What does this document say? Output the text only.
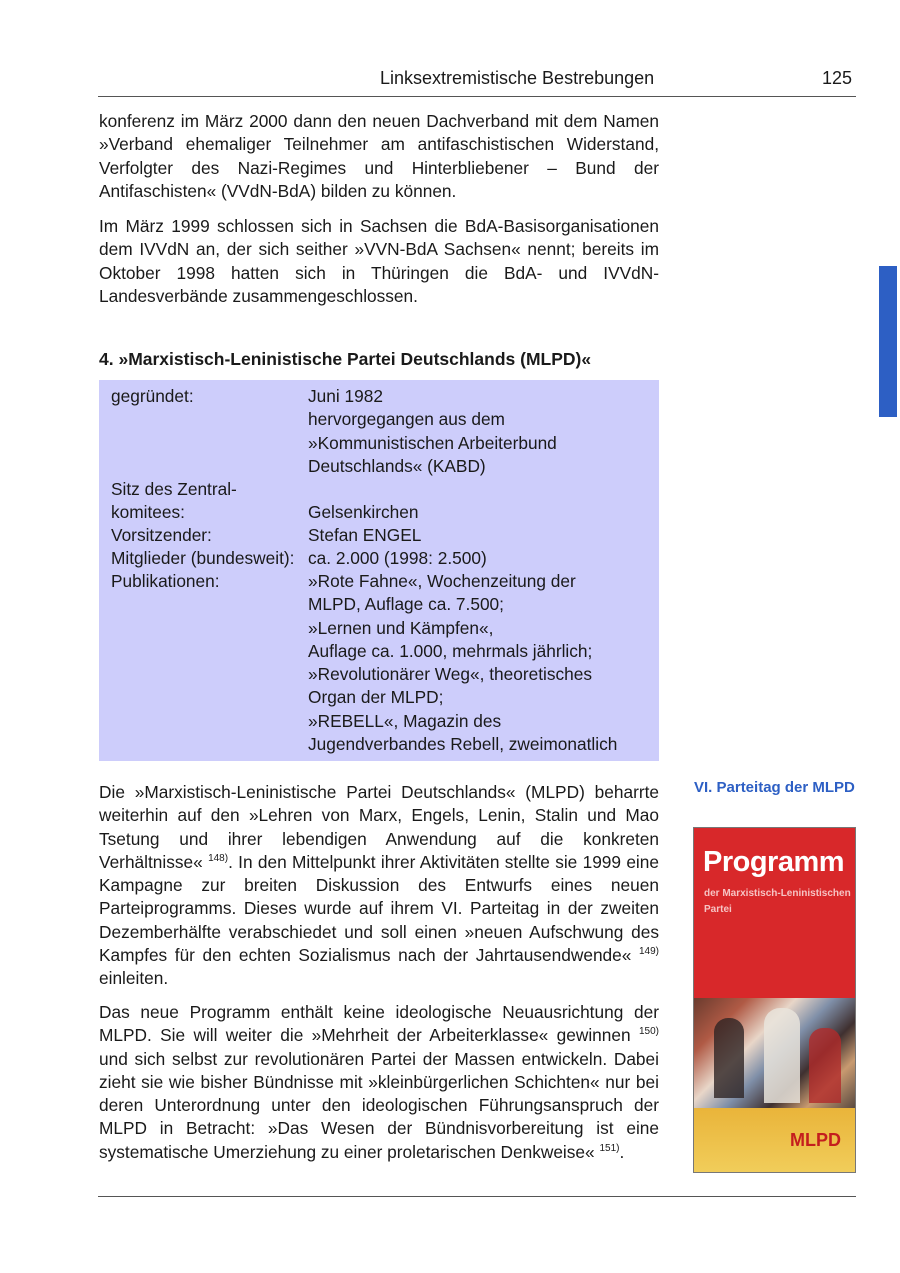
Linksextremistische Bestrebungen	125

konferenz im März 2000 dann den neuen Dachverband mit dem Namen »Verband ehemaliger Teilnehmer am antifaschistischen Widerstand, Verfolgter des Nazi-Regimes und Hinterbliebener – Bund der Antifaschisten« (VVdN-BdA) bilden zu können.

Im März 1999 schlossen sich in Sachsen die BdA-Basisorganisationen dem IVVdN an, der sich seither »VVN-BdA Sachsen« nennt; bereits im Oktober 1998 hatten sich in Thüringen die BdA- und IVVdN-Landesverbände zusammengeschlossen.

4. »Marxistisch-Leninistische Partei Deutschlands (MLPD)«
gegründet:	Juni 1982
hervorgegangen aus dem
»Kommunistischen Arbeiterbund
Deutschlands« (KABD)
Sitz des Zentral-
komitees:	Gelsenkirchen
Vorsitzender:	Stefan ENGEL
Mitglieder (bundesweit): ca. 2.000 (1998: 2.500)
Publikationen:	»Rote Fahne«, Wochenzeitung der
MLPD, Auflage ca. 7.500;
»Lernen und Kämpfen«,
Auflage ca. 1.000, mehrmals jährlich;
»Revolutionärer Weg«, theoretisches
Organ der MLPD;
»REBELL«, Magazin des
Jugendverbandes Rebell, zweimonatlich

Die »Marxistisch-Leninistische Partei Deutschlands« (MLPD) beharrte weiterhin auf den »Lehren von Marx, Engels, Lenin, Stalin und Mao Tsetung und ihrer lebendigen Anwendung auf die konkreten Verhältnisse« $^{148)}$. In den Mittelpunkt ihrer Aktivitäten stellte sie 1999 eine Kampagne zur breiten Diskussion des Entwurfs eines neuen Parteiprogramms. Dieses wurde auf ihrem VI. Parteitag in der zweiten Dezemberhälfte verabschiedet und soll einen »neuen Aufschwung des Kampfes für den echten Sozialismus nach der Jahrtausendwende« $^{149)}$ einleiten.

Das neue Programm enthält keine ideologische Neuausrichtung der MLPD. Sie will weiter die »Mehrheit der Arbeiterklasse« gewinnen $^{150)}$ und sich selbst zur revolutionären Partei der Massen entwickeln. Dabei zieht sie wie bisher Bündnisse mit »kleinbürgerlichen Schichten« nur bei deren Unterordnung unter den ideologischen Führungsanspruch der MLPD in Betracht: »Das Wesen der Bündnisvorbereitung ist eine systematische Umerziehung zu einer proletarischen Denkweise« $^{151)}$.

VI. Parteitag der MLPD

Programm
der Marxistisch-Leninistischen Partei
MLPD
